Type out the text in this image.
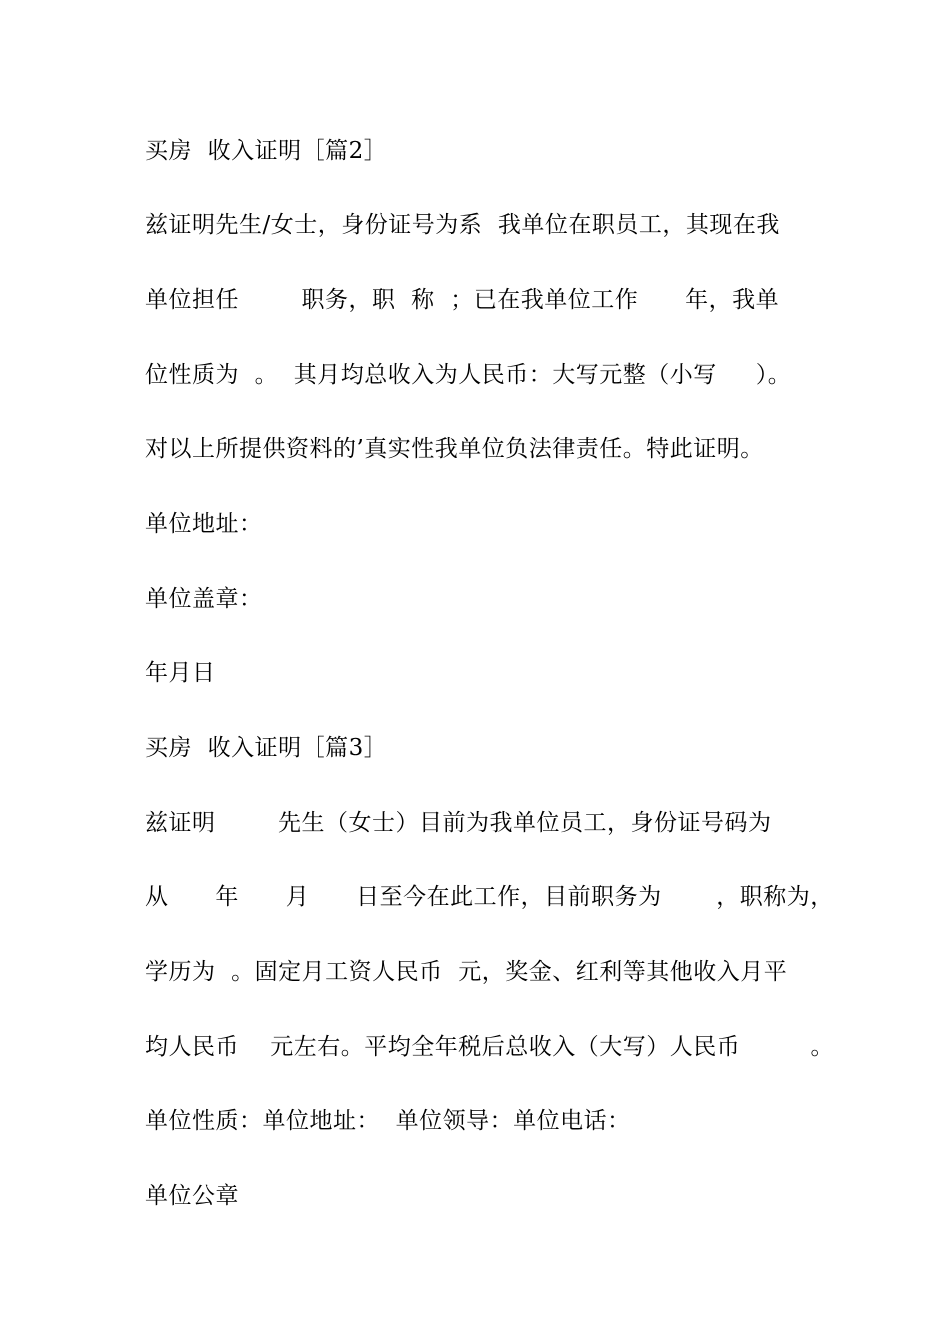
买房  收入证明［篇2］
兹证明先生/女士，身份证号为系  我单位在职员工，其现在我
单位担任        职务，职  称  ；已在我单位工作      年，我单
位性质为  。  其月均总收入为人民币：大写元整（小写     ）。
对以上所提供资料的’真实性我单位负法律责任。特此证明。
单位地址：
单位盖章：
年月日
买房  收入证明［篇3］
兹证明        先生（女士）目前为我单位员工，身份证号码为
从      年      月      日至今在此工作，目前职务为       ，职称为，
学历为  。固定月工资人民币  元，奖金、红利等其他收入月平
均人民币    元左右。平均全年税后总收入（大写）人民币         。
单位性质：单位地址：  单位领导：单位电话：
单位公章
